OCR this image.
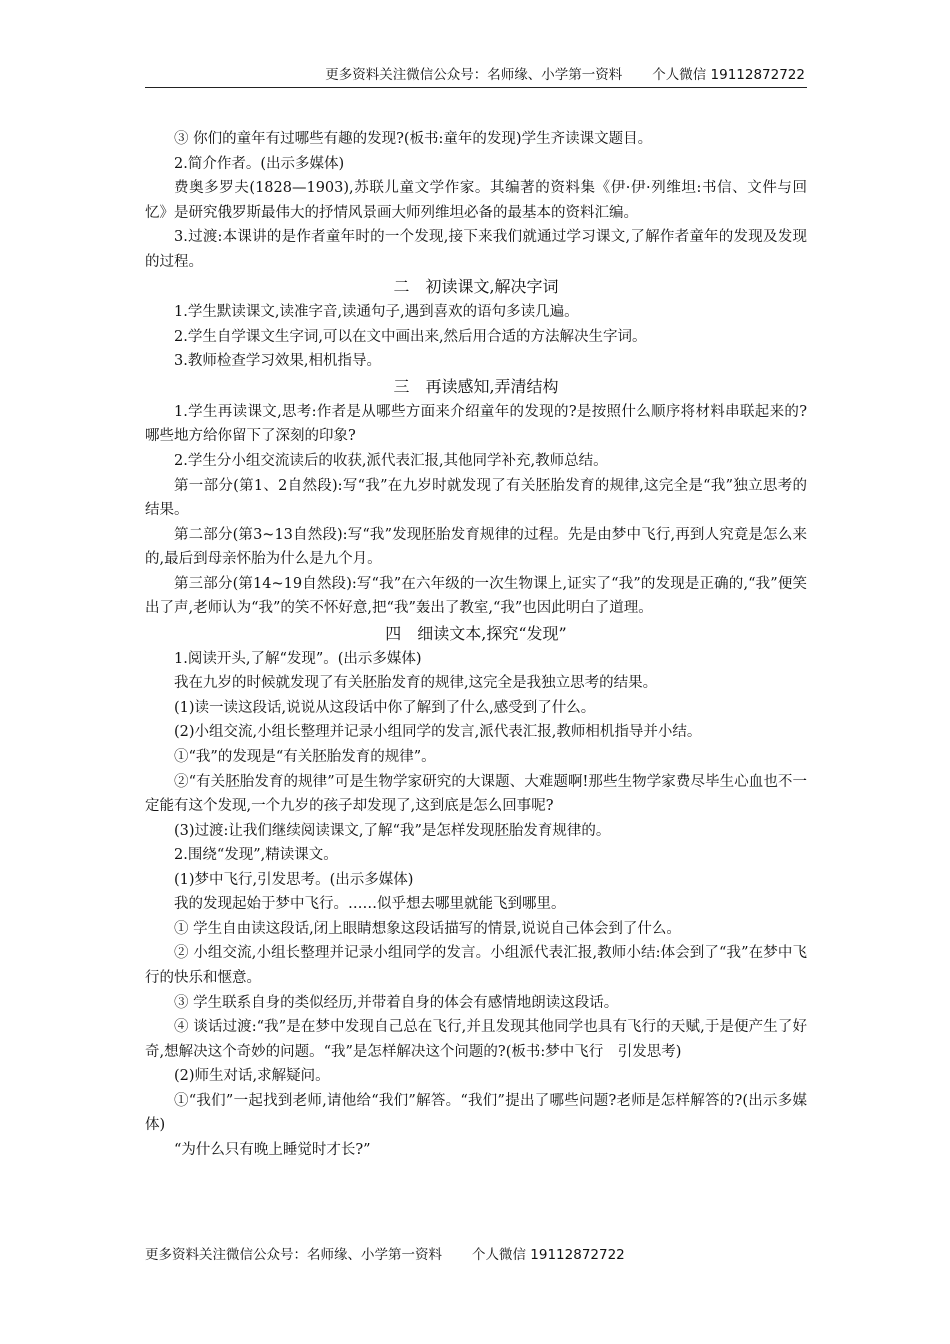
更多资料关注微信公众号：名师缘、小学第一资料 个人微信 19112872722

③ 你们的童年有过哪些有趣的发现?(板书:童年的发现)学生齐读课文题目。

2.简介作者。(出示多媒体)

费奥多罗夫(1828—1903),苏联儿童文学作家。其编著的资料集《伊·伊·列维坦:书信、文件与回忆》是研究俄罗斯最伟大的抒情风景画大师列维坦必备的最基本的资料汇编。

3.过渡:本课讲的是作者童年时的一个发现,接下来我们就通过学习课文,了解作者童年的发现及发现的过程。

二　初读课文,解决字词

1.学生默读课文,读准字音,读通句子,遇到喜欢的语句多读几遍。

2.学生自学课文生字词,可以在文中画出来,然后用合适的方法解决生字词。

3.教师检查学习效果,相机指导。

三　再读感知,弄清结构

1.学生再读课文,思考:作者是从哪些方面来介绍童年的发现的?是按照什么顺序将材料串联起来的?哪些地方给你留下了深刻的印象?

2.学生分小组交流读后的收获,派代表汇报,其他同学补充,教师总结。

第一部分(第1、2自然段):写“我”在九岁时就发现了有关胚胎发育的规律,这完全是“我”独立思考的结果。

第二部分(第3~13自然段):写“我”发现胚胎发育规律的过程。先是由梦中飞行,再到人究竟是怎么来的,最后到母亲怀胎为什么是九个月。

第三部分(第14~19自然段):写“我”在六年级的一次生物课上,证实了“我”的发现是正确的,“我”便笑出了声,老师认为“我”的笑不怀好意,把“我”轰出了教室,“我”也因此明白了道理。

四　细读文本,探究“发现”

1.阅读开头,了解“发现”。(出示多媒体)

我在九岁的时候就发现了有关胚胎发育的规律,这完全是我独立思考的结果。

(1)读一读这段话,说说从这段话中你了解到了什么,感受到了什么。

(2)小组交流,小组长整理并记录小组同学的发言,派代表汇报,教师相机指导并小结。

①“我”的发现是“有关胚胎发育的规律”。

②“有关胚胎发育的规律”可是生物学家研究的大课题、大难题啊!那些生物学家费尽毕生心血也不一定能有这个发现,一个九岁的孩子却发现了,这到底是怎么回事呢?

(3)过渡:让我们继续阅读课文,了解“我”是怎样发现胚胎发育规律的。

2.围绕“发现”,精读课文。

(1)梦中飞行,引发思考。(出示多媒体)

我的发现起始于梦中飞行。……似乎想去哪里就能飞到哪里。

① 学生自由读这段话,闭上眼睛想象这段话描写的情景,说说自己体会到了什么。

② 小组交流,小组长整理并记录小组同学的发言。小组派代表汇报,教师小结:体会到了“我”在梦中飞行的快乐和惬意。

③ 学生联系自身的类似经历,并带着自身的体会有感情地朗读这段话。

④ 谈话过渡:“我”是在梦中发现自己总在飞行,并且发现其他同学也具有飞行的天赋,于是便产生了好奇,想解决这个奇妙的问题。“我”是怎样解决这个问题的?(板书:梦中飞行　引发思考)

(2)师生对话,求解疑问。

①“我们”一起找到老师,请他给“我们”解答。“我们”提出了哪些问题?老师是怎样解答的?(出示多媒体)

“为什么只有晚上睡觉时才长?”

更多资料关注微信公众号：名师缘、小学第一资料 个人微信 19112872722
